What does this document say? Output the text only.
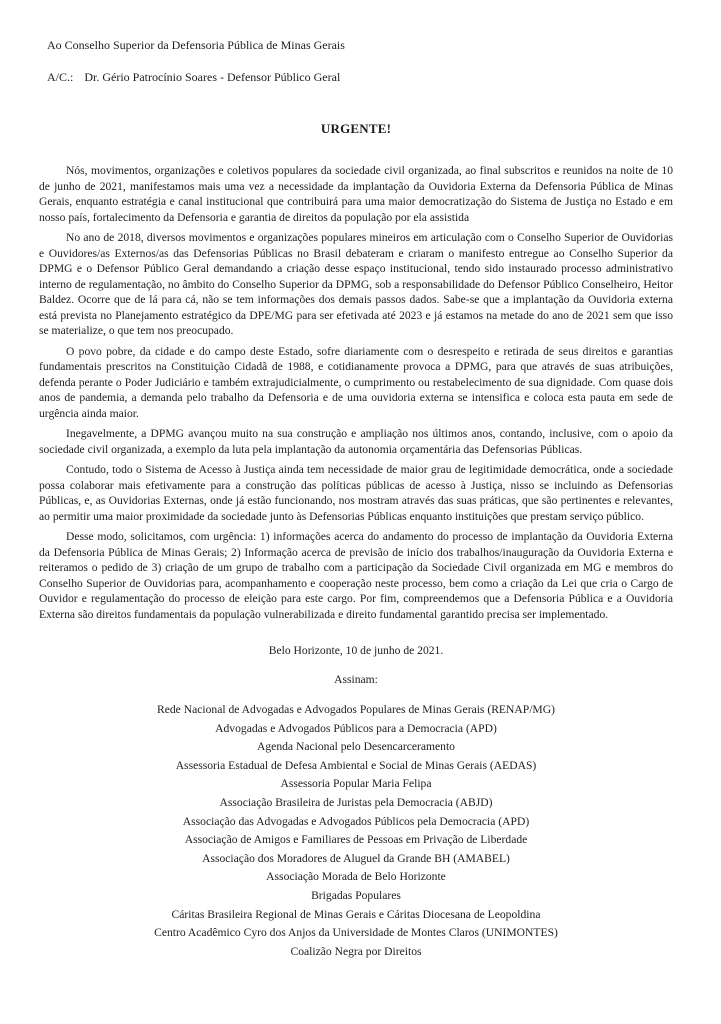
Ao Conselho Superior da Defensoria Pública de Minas Gerais

A/C.: Dr. Gério Patrocínio Soares - Defensor Público Geral

URGENTE!

Nós, movimentos, organizações e coletivos populares da sociedade civil organizada, ao final subscritos e reunidos na noite de 10 de junho de 2021, manifestamos mais uma vez a necessidade da implantação da Ouvidoria Externa da Defensoria Pública de Minas Gerais, enquanto estratégia e canal institucional que contribuirá para uma maior democratização do Sistema de Justiça no Estado e em nosso país, fortalecimento da Defensoria e garantia de direitos da população por ela assistida

No ano de 2018, diversos movimentos e organizações populares mineiros em articulação com o Conselho Superior de Ouvidorias e Ouvidores/as Externos/as das Defensorias Públicas no Brasil debateram e criaram o manifesto entregue ao Conselho Superior da DPMG e o Defensor Público Geral demandando a criação desse espaço institucional, tendo sido instaurado processo administrativo interno de regulamentação, no âmbito do Conselho Superior da DPMG, sob a responsabilidade do Defensor Público Conselheiro, Heitor Baldez. Ocorre que de lá para cá, não se tem informações dos demais passos dados. Sabe-se que a implantação da Ouvidoria externa está prevista no Planejamento estratégico da DPE/MG para ser efetivada até 2023 e já estamos na metade do ano de 2021 sem que isso se materialize, o que tem nos preocupado.

O povo pobre, da cidade e do campo deste Estado, sofre diariamente com o desrespeito e retirada de seus direitos e garantias fundamentais prescritos na Constituição Cidadã de 1988, e cotidianamente provoca a DPMG, para que através de suas atribuições, defenda perante o Poder Judiciário e também extrajudicialmente, o cumprimento ou restabelecimento de sua dignidade. Com quase dois anos de pandemia, a demanda pelo trabalho da Defensoria e de uma ouvidoria externa se intensifica e coloca esta pauta em sede de urgência ainda maior.

Inegavelmente, a DPMG avançou muito na sua construção e ampliação nos últimos anos, contando, inclusive, com o apoio da sociedade civil organizada, a exemplo da luta pela implantação da autonomia orçamentária das Defensorias Públicas.

Contudo, todo o Sistema de Acesso à Justiça ainda tem necessidade de maior grau de legitimidade democrática, onde a sociedade possa colaborar mais efetivamente para a construção das políticas públicas de acesso à Justiça, nisso se incluindo as Defensorias Públicas, e, as Ouvidorias Externas, onde já estão funcionando, nos mostram através das suas práticas, que são pertinentes e relevantes, ao permitir uma maior proximidade da sociedade junto às Defensorias Públicas enquanto instituições que prestam serviço público.

Desse modo, solicitamos, com urgência: 1) informações acerca do andamento do processo de implantação da Ouvidoria Externa da Defensoria Pública de Minas Gerais; 2) Informação acerca de previsão de início dos trabalhos/inauguração da Ouvidoria Externa e reiteramos o pedido de 3) criação de um grupo de trabalho com a participação da Sociedade Civil organizada em MG e membros do Conselho Superior de Ouvidorias para, acompanhamento e cooperação neste processo, bem como a criação da Lei que cria o Cargo de Ouvidor e regulamentação do processo de eleição para este cargo. Por fim, compreendemos que a Defensoria Pública e a Ouvidoria Externa são direitos fundamentais da população vulnerabilizada e direito fundamental garantido precisa ser implementado.

Belo Horizonte, 10 de junho de 2021.

Assinam:

Rede Nacional de Advogadas e Advogados Populares de Minas Gerais (RENAP/MG)
Advogadas e Advogados Públicos para a Democracia (APD)
Agenda Nacional pelo Desencarceramento
Assessoria Estadual de Defesa Ambiental e Social de Minas Gerais (AEDAS)
Assessoria Popular Maria Felipa
Associação Brasileira de Juristas pela Democracia (ABJD)
Associação das Advogadas e Advogados Públicos pela Democracia (APD)
Associação de Amigos e Familiares de Pessoas em Privação de Liberdade
Associação dos Moradores de Aluguel da Grande BH (AMABEL)
Associação Morada de Belo Horizonte
Brigadas Populares
Cáritas Brasileira Regional de Minas Gerais e Cáritas Diocesana de Leopoldina
Centro Acadêmico Cyro dos Anjos da Universidade de Montes Claros (UNIMONTES)
Coalizão Negra por Direitos
